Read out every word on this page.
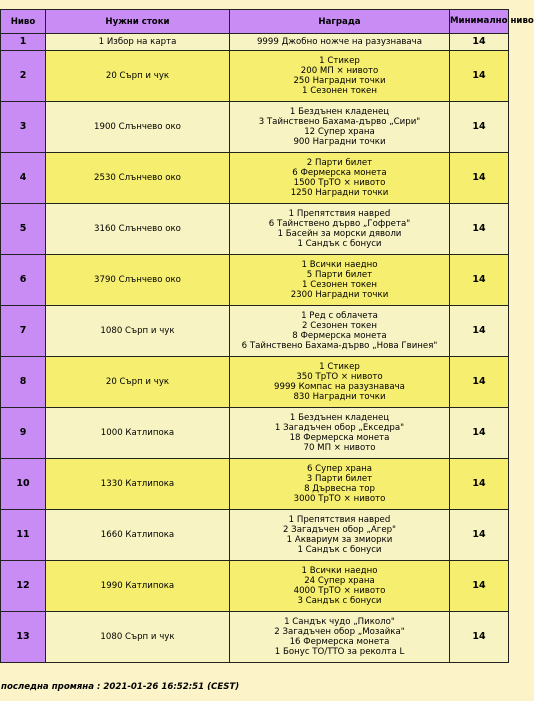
Ниво	Нужни стоки	Награда	Минимално ниво
1	1 Избор на карта	9999 Джобно ножче на разузнавача	14
2	20 Сърп и чук	1 Стикер
200 МП × нивото
250 Наградни точки
1 Сезонен токен	14
3	1900 Слънчево око	1 Бездънен кладенец
3 Тайнствено Бахама-дърво „Сири"
12 Супер храна
900 Наградни точки	14
4	2530 Слънчево око	2 Парти билет
6 Фермерска монета
1500 ТрТО × нивото
1250 Наградни точки	14
5	3160 Слънчево око	1 Препятствия наврed
6 Тайнствено дърво „Гофрета"
1 Басейн за морски дяволи
1 Сандък с бонуси	14
6	3790 Слънчево око	1 Всички наедно
5 Парти билет
1 Сезонен токен
2300 Наградни точки	14
7	1080 Сърп и чук	1 Ред с облачета
2 Сезонен токен
8 Фермерска монета
6 Тайнствено Бахама-дърво „Нова Гвинея"	14
8	20 Сърп и чук	1 Стикер
350 ТрТО × нивото
9999 Компас на разузнавача
830 Наградни точки	14
9	1000 Катлипока	1 Бездънен кладенец
1 Загадъчен обор „Екседра"
18 Фермерска монета
70 МП × нивото	14
10	1330 Катлипока	6 Супер храна
3 Парти билет
8 Дървесна тор
3000 ТрТО × нивото	14
11	1660 Катлипока	1 Препятствия наврed
2 Загадъчен обор „Агер"
1 Аквариум за змиорки
1 Сандък с бонуси	14
12	1990 Катлипока	1 Всички наедно
24 Супер храна
4000 ТрТО × нивото
3 Сандък с бонуси	14
13	1080 Сърп и чук	1 Сандък чудо „Пиколо"
2 Загадъчен обор „Мозайка"
16 Фермерска монета
1 Бонус ТО/ТТО за реколта L	14
последна промяна : 2021-01-26 16:52:51 (CEST)
